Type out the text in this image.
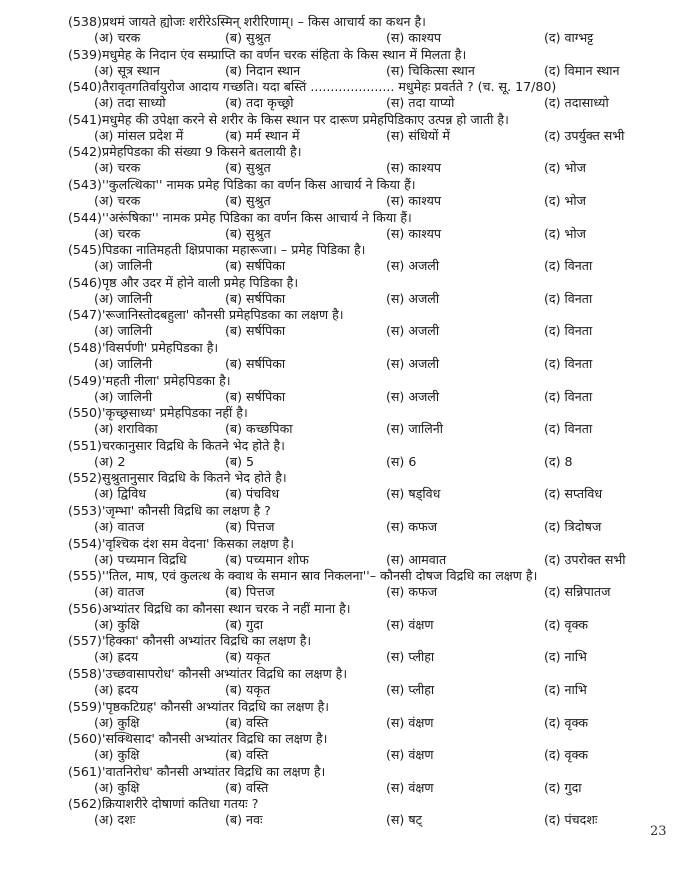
(538)प्रथमं जायते ह्योजः शरीरेऽस्मिन् शरीरिणाम्। – किस आचार्य का कथन है।
(अ) चरक	(ब) सुश्रुत	(स) काश्यप	(द) वाग्भट्ट
(539)मधुमेह के निदान एंव सम्प्राप्ति का वर्णन चरक संहिता के किस स्थान में मिलता है।
(अ) सूत्र स्थान	(ब) निदान स्थान	(स) चिकित्सा स्थान	(द) विमान स्थान
(540)तैरावृतगतिर्वायुरोज आदाय गच्छति। यदा बस्तिं ..................... मधुमेहः प्रवर्तते ? (च. सू. 17/80)
(अ) तदा साध्यो	(ब) तदा कृच्छ्रो	(स) तदा याप्यो	(द) तदासाध्यो
(541)मधुमेह की उपेक्षा करने से शरीर के किस स्थान पर दारूण प्रमेहपिडिकाए उत्पन्न हो जाती है।
(अ) मांसल प्रदेश में	(ब) मर्म स्थान में	(स) संधियों में	(द) उपर्युक्त सभी
(542)प्रमेहपिडका की संख्या 9 किसने बतलायी है।
(अ) चरक	(ब) सुश्रुत	(स) काश्यप	(द) भोज
(543)''कुलत्थिका'' नामक प्रमेह पिडिका का वर्णन किस आचार्य ने किया हैं।
(अ) चरक	(ब) सुश्रुत	(स) काश्यप	(द) भोज
(544)''अरूंषिका'' नामक प्रमेह पिडिका का वर्णन किस आचार्य ने किया हैं।
(अ) चरक	(ब) सुश्रुत	(स) काश्यप	(द) भोज
(545)पिडका नातिमहती क्षिप्रपाका महारूजा। – प्रमेह पिडिका है।
(अ) जालिनी	(ब) सर्षपिका	(स) अजली	(द) विनता
(546)पृष्ठ और उदर में होने वाली प्रमेह पिडिका है।
(अ) जालिनी	(ब) सर्षपिका	(स) अजली	(द) विनता
(547)'रूजानिस्तोदबहुला' कौनसी प्रमेहपिडका का लक्षण है।
(अ) जालिनी	(ब) सर्षपिका	(स) अजली	(द) विनता
(548)'विसर्पणी' प्रमेहपिडका है।
(अ) जालिनी	(ब) सर्षपिका	(स) अजली	(द) विनता
(549)'महती नीला' प्रमेहपिडका है।
(अ) जालिनी	(ब) सर्षपिका	(स) अजली	(द) विनता
(550)'कृच्छ्रसाध्य' प्रमेहपिडका नहीं है।
(अ) शराविका	(ब) कच्छपिका	(स) जालिनी	(द) विनता
(551)चरकानुसार विद्रधि के कितने भेद होते है।
(अ) 2	(ब) 5	(स) 6	(द) 8
(552)सुश्रुतानुसार विद्रधि के कितने भेद होते है।
(अ) द्विविध	(ब) पंचविध	(स) षड्विध	(द) सप्तविध
(553)'जृम्भा' कौनसी विद्रधि का लक्षण है ?
(अ) वातज	(ब) पित्तज	(स) कफज	(द) त्रिदोषज
(554)'वृश्चिक दंश सम वेदना' किसका लक्षण है।
(अ) पच्यमान विद्रधि	(ब) पच्यमान शोफ	(स) आमवात	(द) उपरोक्त सभी
(555)''तिल, माष, एवं कुलत्थ के क्वाथ के समान स्राव निकलना''– कौनसी दोषज विद्रधि का लक्षण है।
(अ) वातज	(ब) पित्तज	(स) कफज	(द) सन्निपातज
(556)अभ्यांतर विद्रधि का कौनसा स्थान चरक ने नहीं माना है।
(अ) कुक्षि	(ब) गुदा	(स) वंक्षण	(द) वृक्क
(557)'हिक्का' कौनसी अभ्यांतर विद्रधि का लक्षण है।
(अ) ह्रदय	(ब) यकृत	(स) प्लीहा	(द) नाभि
(558)'उच्छवासापरोध' कौनसी अभ्यांतर विद्रधि का लक्षण है।
(अ) ह्रदय	(ब) यकृत	(स) प्लीहा	(द) नाभि
(559)'पृष्ठकटिग्रह' कौनसी अभ्यांतर विद्रधि का लक्षण है।
(अ) कुक्षि	(ब) वस्ति	(स) वंक्षण	(द) वृक्क
(560)'सक्थिसाद' कौनसी अभ्यांतर विद्रधि का लक्षण है।
(अ) कुक्षि	(ब) वस्ति	(स) वंक्षण	(द) वृक्क
(561)'वातनिरोध' कौनसी अभ्यांतर विद्रधि का लक्षण है।
(अ) कुक्षि	(ब) वस्ति	(स) वंक्षण	(द) गुदा
(562)क्रियाशरीरे दोषाणां कतिधा गतयः ?
(अ) दशः	(ब) नवः	(स) षट्	(द) पंचदशः
23
